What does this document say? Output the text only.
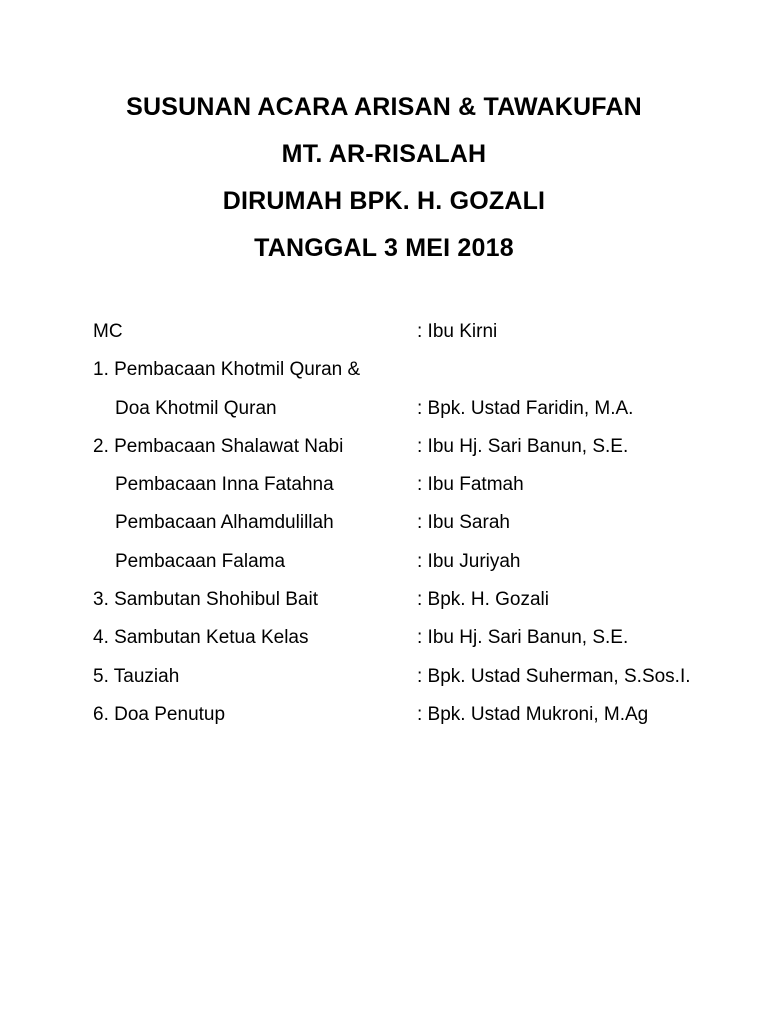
SUSUNAN ACARA ARISAN & TAWAKUFAN
MT. AR-RISALAH
DIRUMAH BPK. H. GOZALI
TANGGAL 3 MEI 2018
MC	: Ibu Kirni
1. Pembacaan Khotmil Quran &
Doa Khotmil Quran	: Bpk. Ustad Faridin, M.A.
2. Pembacaan Shalawat Nabi	: Ibu Hj. Sari Banun, S.E.
Pembacaan Inna Fatahna	: Ibu Fatmah
Pembacaan Alhamdulillah	: Ibu Sarah
Pembacaan Falama	: Ibu Juriyah
3. Sambutan Shohibul Bait	: Bpk. H. Gozali
4. Sambutan Ketua Kelas	: Ibu Hj. Sari Banun, S.E.
5. Tauziah	: Bpk. Ustad Suherman, S.Sos.I.
6. Doa Penutup	: Bpk. Ustad Mukroni, M.Ag
